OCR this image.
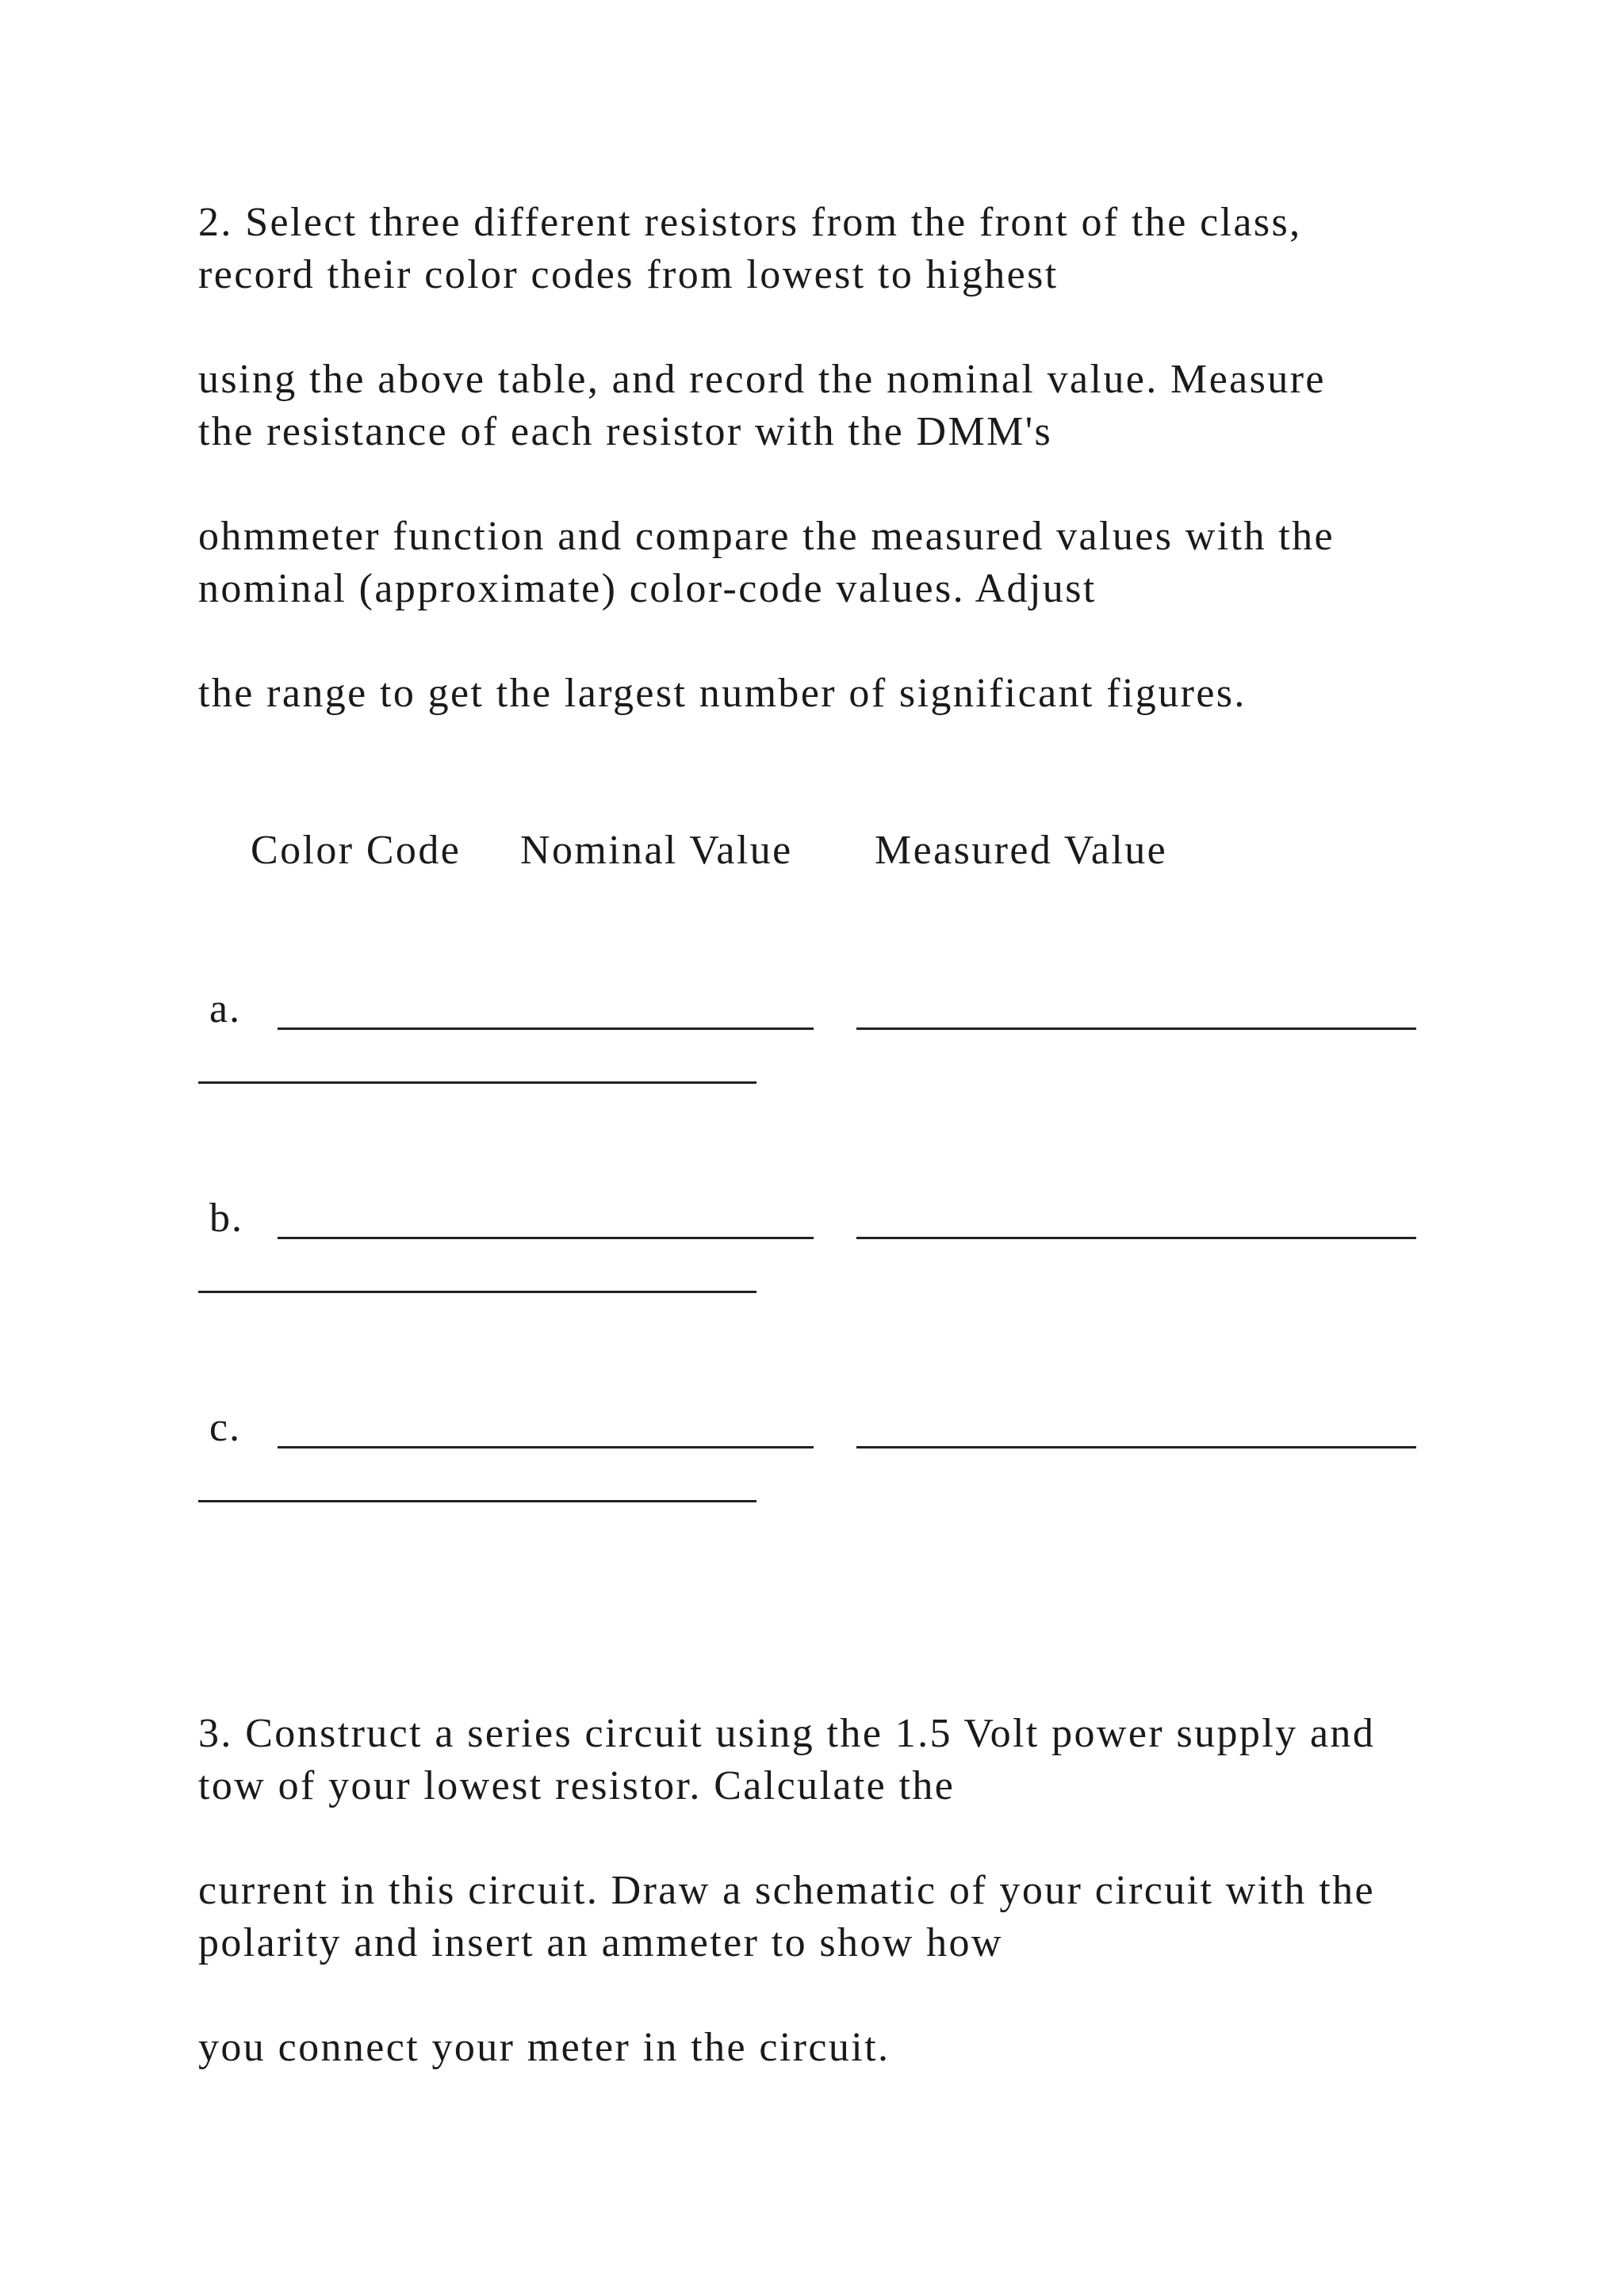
2. Select three different resistors from the front of the class,
record their color codes from lowest to highest
using the above table, and record the nominal value. Measure
the resistance of each resistor with the DMM's
ohmmeter function and compare the measured values with the
nominal (approximate) color-code values. Adjust
the range to get the largest number of significant figures.
Color Code Nominal Value Measured Value
a.
b.
c.
3. Construct a series circuit using the 1.5 Volt power supply and
tow of your lowest resistor. Calculate the
current in this circuit. Draw a schematic of your circuit with the
polarity and insert an ammeter to show how
you connect your meter in the circuit.
